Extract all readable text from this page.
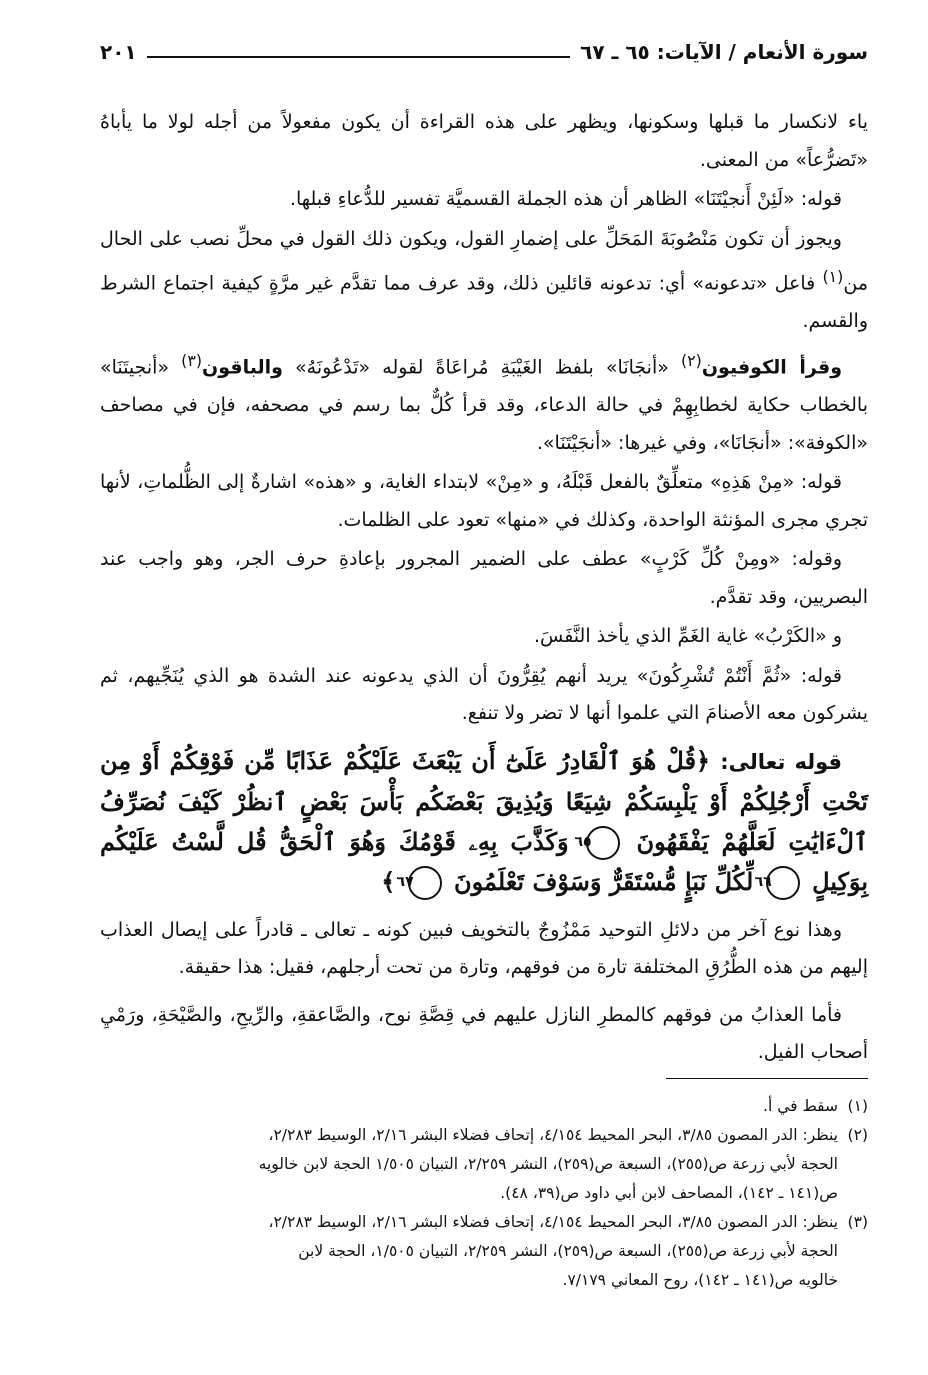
سورة الأنعام / الآيات: ٦٥ ـ ٦٧
٢٠١

ياء لانكسار ما قبلها وسكونها، ويظهر على هذه القراءة أن يكون مفعولاً من أجله لولا ما يأباهُ «تَضرُّعاً» من المعنى.

قوله: «لَئِنْ أَنجيْتَنَا» الظاهر أن هذه الجملة القسميَّة تفسير للدُّعاءِ قبلها.

ويجوز أن تكون مَنْصُوبَةَ المَحَلِّ على إضمارِ القول، ويكون ذلك القول في محلِّ نصب على الحال من$^{(١)}$ فاعل «تدعونه» أي: تدعونه قائلين ذلك، وقد عرف مما تقدَّم غير مرَّةٍ كيفية اجتماع الشرط والقسم.

وقرأ الكوفيون$^{(٢)}$ «أنجَانَا» بلفظ الغَيْبَةِ مُراعَاةً لقوله «تَدْعُونَهُ» والباقون$^{(٣)}$ «أنجيتَنَا» بالخطاب حكاية لخطابِهِمْ في حالة الدعاء، وقد قرأ كُلٌّ بما رسم في مصحفه، فإن في مصاحف «الكوفة»: «أنجَانَا»، وفي غيرها: «أنجَيْتَنَا».

قوله: «مِنْ هَذِهِ» متعلِّقٌ بالفعل قَبْلَهُ، و «مِنْ» لابتداء الغاية، و «هذه» اشارةٌ إلى الظُّلماتِ، لأنها تجري مجرى المؤنثة الواحدة، وكذلك في «منها» تعود على الظلمات.

وقوله: «ومِنْ كُلِّ كَرْبٍ» عطف على الضمير المجرور بإعادةِ حرف الجر، وهو واجب عند البصريين، وقد تقدَّم.

و «الكَرْبُ» غاية الغَمِّ الذي يأخذ النَّفَسَ.

قوله: «ثُمَّ أَنْتُمْ تُشْرِكُونَ» يريد أنهم يُقِرُّونَ أن الذي يدعونه عند الشدة هو الذي يُنَجِّيهم، ثم يشركون معه الأصنامَ التي علموا أنها لا تضر ولا تنفع.

قوله تعالى: ﴿قُلْ هُوَ ٱلْقَادِرُ عَلَىٰٓ أَن يَبْعَثَ عَلَيْكُمْ عَذَابًا مِّن فَوْقِكُمْ أَوْ مِن تَحْتِ أَرْجُلِكُمْ أَوْ يَلْبِسَكُمْ شِيَعًا وَيُذِيقَ بَعْضَكُم بَأْسَ بَعْضٍ ٱنظُرْ كَيْفَ نُصَرِّفُ ٱلْءَايَٰتِ لَعَلَّهُمْ يَفْقَهُونَ ٦٥ وَكَذَّبَ بِهِۦ قَوْمُكَ وَهُوَ ٱلْحَقُّ قُل لَّسْتُ عَلَيْكُم بِوَكِيلٍ ٦٦ لِّكُلِّ نَبَإٍ مُّسْتَقَرٌّ وَسَوْفَ تَعْلَمُونَ ٦٧ ﴾

وهذا نوع آخر من دلائلِ التوحيد مَمْزُوجٌ بالتخويف فبين كونه ـ تعالى ـ قادراً على إيصال العذاب إليهم من هذه الطُّرُقِ المختلفة تارة من فوقهم، وتارة من تحت أرجلهم، فقيل: هذا حقيقة.

فأما العذابُ من فوقهم كالمطرِ النازل عليهم في قِصَّةِ نوح، والصَّاعقةِ، والرِّيحِ، والصَّيْحَةِ، ورَمْيِ أصحاب الفيل.

(١)سقط في أ.

(٢)ينظر: الدر المصون ٣/٨٥، البحر المحيط ٤/١٥٤، إتحاف فضلاء البشر ٢/١٦، الوسيط ٢/٢٨٣،

الحجة لأبي زرعة ص(٢٥٥)، السبعة ص(٢٥٩)، النشر ٢/٢٥٩، التبيان ١/٥٠٥ الحجة لابن خالويه

ص(١٤١ ـ ١٤٢)، المصاحف لابن أبي داود ص(٣٩، ٤٨).

(٣)ينظر: الدر المصون ٣/٨٥، البحر المحيط ٤/١٥٤، إتحاف فضلاء البشر ٢/١٦، الوسيط ٢/٢٨٣،

الحجة لأبي زرعة ص(٢٥٥)، السبعة ص(٢٥٩)، النشر ٢/٢٥٩، التبيان ١/٥٠٥، الحجة لابن

خالويه ص(١٤١ ـ ١٤٢)، روح المعاني ٧/١٧٩.
